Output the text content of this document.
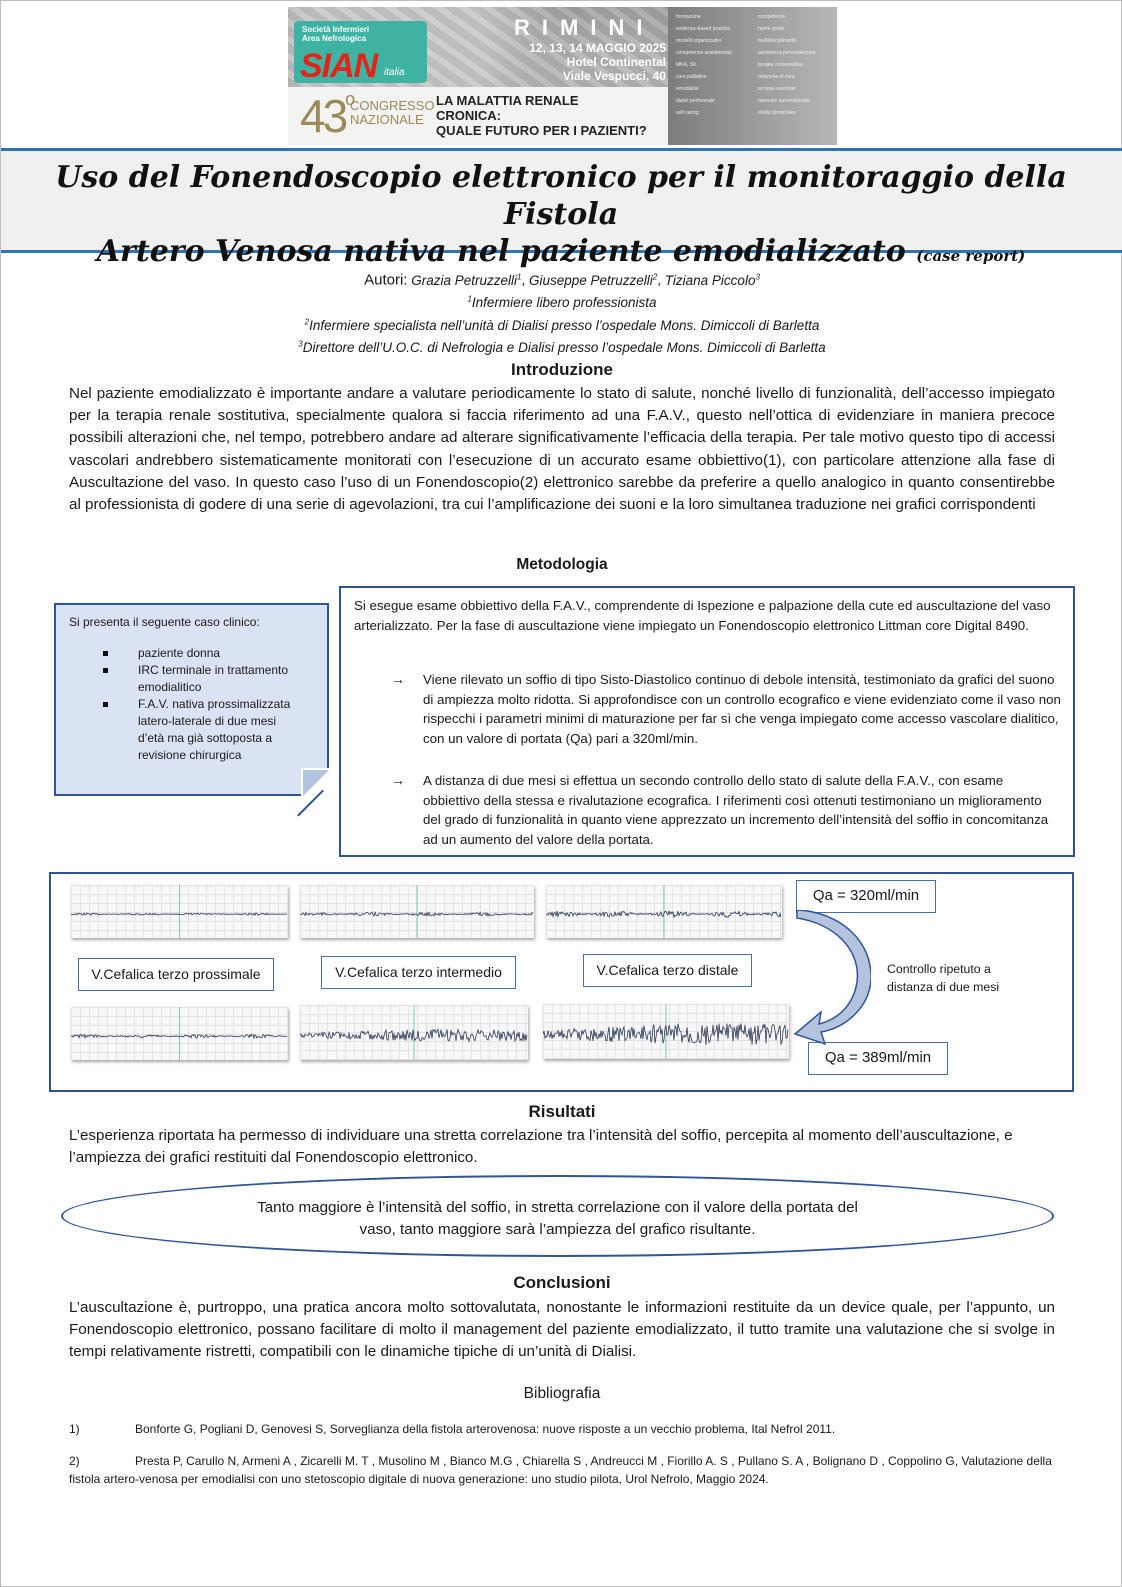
Società Infermieri
Area Nefrologica
SIAN italia
RIMINI
12, 13, 14 MAGGIO 2025
Hotel Continental
Viale Vespucci, 40
43$^o$
CONGRESSO
NAZIONALE
LA MALATTIA RENALE
CRONICA:
QUALE FUTURO PER I PAZIENTI?
formazione
evidence-based practice
modelli organizzativi
competenze assistenziali
MKA, SIL
cure palliative
emodialisi
dialisi peritoneale
self caring
competenze
home guide
multidisciplinarità
assistenza personalizzata
terapia conservativa
relazione di cura
accessi vascolari
manuale automatizzata
dialisi domiciliare
Uso del Fonendoscopio elettronico per il monitoraggio della Fistola
Artero Venosa nativa nel paziente emodializzato (case report)
Autori: Grazia Petruzzelli$^1$, Giuseppe Petruzzelli$^2$, Tiziana Piccolo$^3$
$^1$Infermiere libero professionista
$^2$Infermiere specialista nell’unità di Dialisi presso l’ospedale Mons. Dimiccoli di Barletta
$^3$Direttore dell’U.O.C. di Nefrologia e Dialisi presso l’ospedale Mons. Dimiccoli di Barletta
Introduzione
Nel paziente emodializzato è importante andare a valutare periodicamente lo stato di salute, nonché livello di funzionalità, dell’accesso impiegato per la terapia renale sostitutiva, specialmente qualora si faccia riferimento ad una F.A.V., questo nell’ottica di evidenziare in maniera precoce possibili alterazioni che, nel tempo, potrebbero andare ad alterare significativamente l’efficacia della terapia. Per tale motivo questo tipo di accessi vascolari andrebbero sistematicamente monitorati con l’esecuzione di un accurato esame obbiettivo(1), con particolare attenzione alla fase di Auscultazione del vaso. In questo caso l’uso di un Fonendoscopio(2) elettronico sarebbe da preferire a quello analogico in quanto consentirebbe al professionista di godere di una serie di agevolazioni, tra cui l’amplificazione dei suoni e la loro simultanea traduzione nei grafici corrispondenti
Metodologia
Si presenta il seguente caso clinico:
paziente donna
IRC terminale in trattamento emodialitico
F.A.V. nativa prossimalizzata latero-laterale di due mesi d’età ma già sottoposta a revisione chirurgica
Si esegue esame obbiettivo della F.A.V., comprendente di Ispezione e palpazione della cute ed auscultazione del vaso arterializzato. Per la fase di auscultazione viene impiegato un Fonendoscopio elettronico Littman core Digital 8490.
→ Viene rilevato un soffio di tipo Sisto-Diastolico continuo di debole intensità, testimoniato da grafici del suono di ampiezza molto ridotta. Si approfondisce con un controllo ecografico e viene evidenziato come il vaso non rispecchi i parametri minimi di maturazione per far sì che venga impiegato come accesso vascolare dialitico, con un valore di portata (Qa) pari a 320ml/min.
→ A distanza di due mesi si effettua un secondo controllo dello stato di salute della F.A.V., con esame obbiettivo della stessa e rivalutazione ecografica. I riferimenti così ottenuti testimoniano un miglioramento del grado di funzionalità in quanto viene apprezzato un incremento dell’intensità del soffio in concomitanza ad un aumento del valore della portata.
V.Cefalica terzo prossimale	V.Cefalica terzo intermedio	V.Cefalica terzo distale
Qa = 320ml/min
Qa = 389ml/min
Controllo ripetuto a distanza di due mesi
Risultati
L’esperienza riportata ha permesso di individuare una stretta correlazione tra l’intensità del soffio, percepita al momento dell’auscultazione, e l’ampiezza dei grafici restituiti dal Fonendoscopio elettronico.
Tanto maggiore è l’intensità del soffio, in stretta correlazione con il valore della portata del
vaso, tanto maggiore sarà l’ampiezza del grafico risultante.
Conclusioni
L’auscultazione è, purtroppo, una pratica ancora molto sottovalutata, nonostante le informazioni restituite da un device quale, per l’appunto, un Fonendoscopio elettronico, possano facilitare di molto il management del paziente emodializzato, il tutto tramite una valutazione che si svolge in tempi relativamente ristretti, compatibili con le dinamiche tipiche di un’unità di Dialisi.
Bibliografia
1)	Bonforte G, Pogliani D, Genovesi S, Sorveglianza della fistola arterovenosa: nuove risposte a un vecchio problema, Ital Nefrol 2011.
2)	Presta P, Carullo N, Armeni A , Zicarelli M. T , Musolino M , Bianco M.G , Chiarella S , Andreucci M , Fiorillo A. S , Pullano S. A , Bolignano D , Coppolino G, Valutazione della fistola artero-venosa per emodialisi con uno stetoscopio digitale di nuova generazione: uno studio pilota, Urol Nefrolo, Maggio 2024.
